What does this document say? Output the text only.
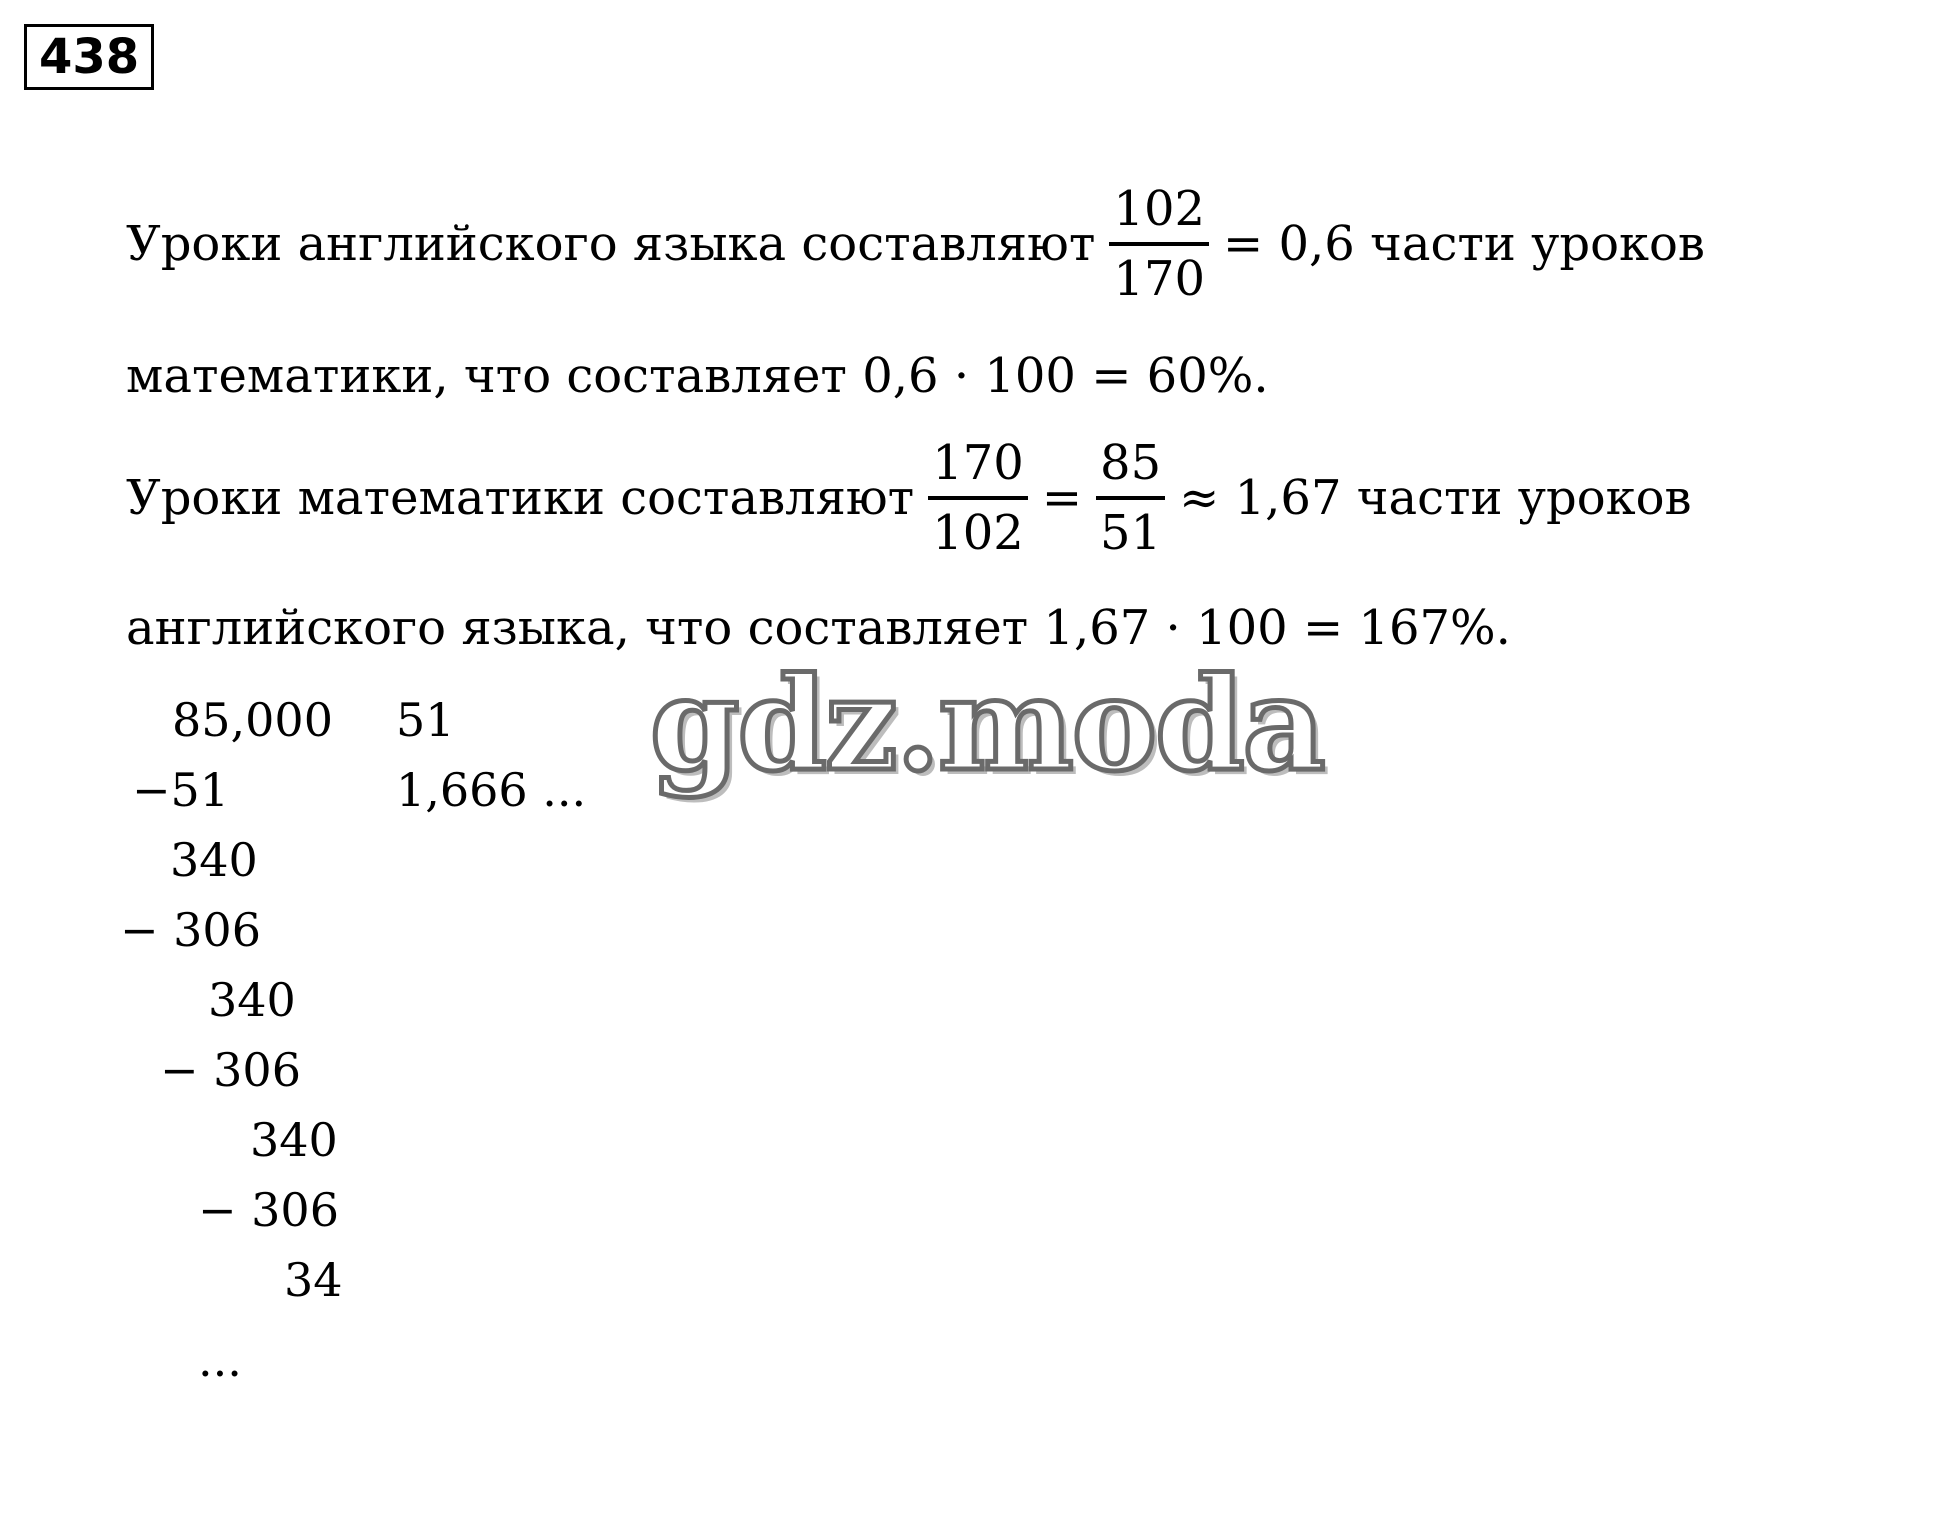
438
Уроки английского языка составляют $\frac{102}{170} = 0,6$ части уроков
математики, что составляет 0,6 · 100 = 60%.
Уроки математики составляют $\frac{170}{102} = \frac{85}{51} \approx 1,67$ части уроков
английского языка, что составляет 1,67 · 100 = 167%.
85,000 51
1,666 ...
−51
340
− 306
340
− 306
340
− 306
34
...
gdz.moda
